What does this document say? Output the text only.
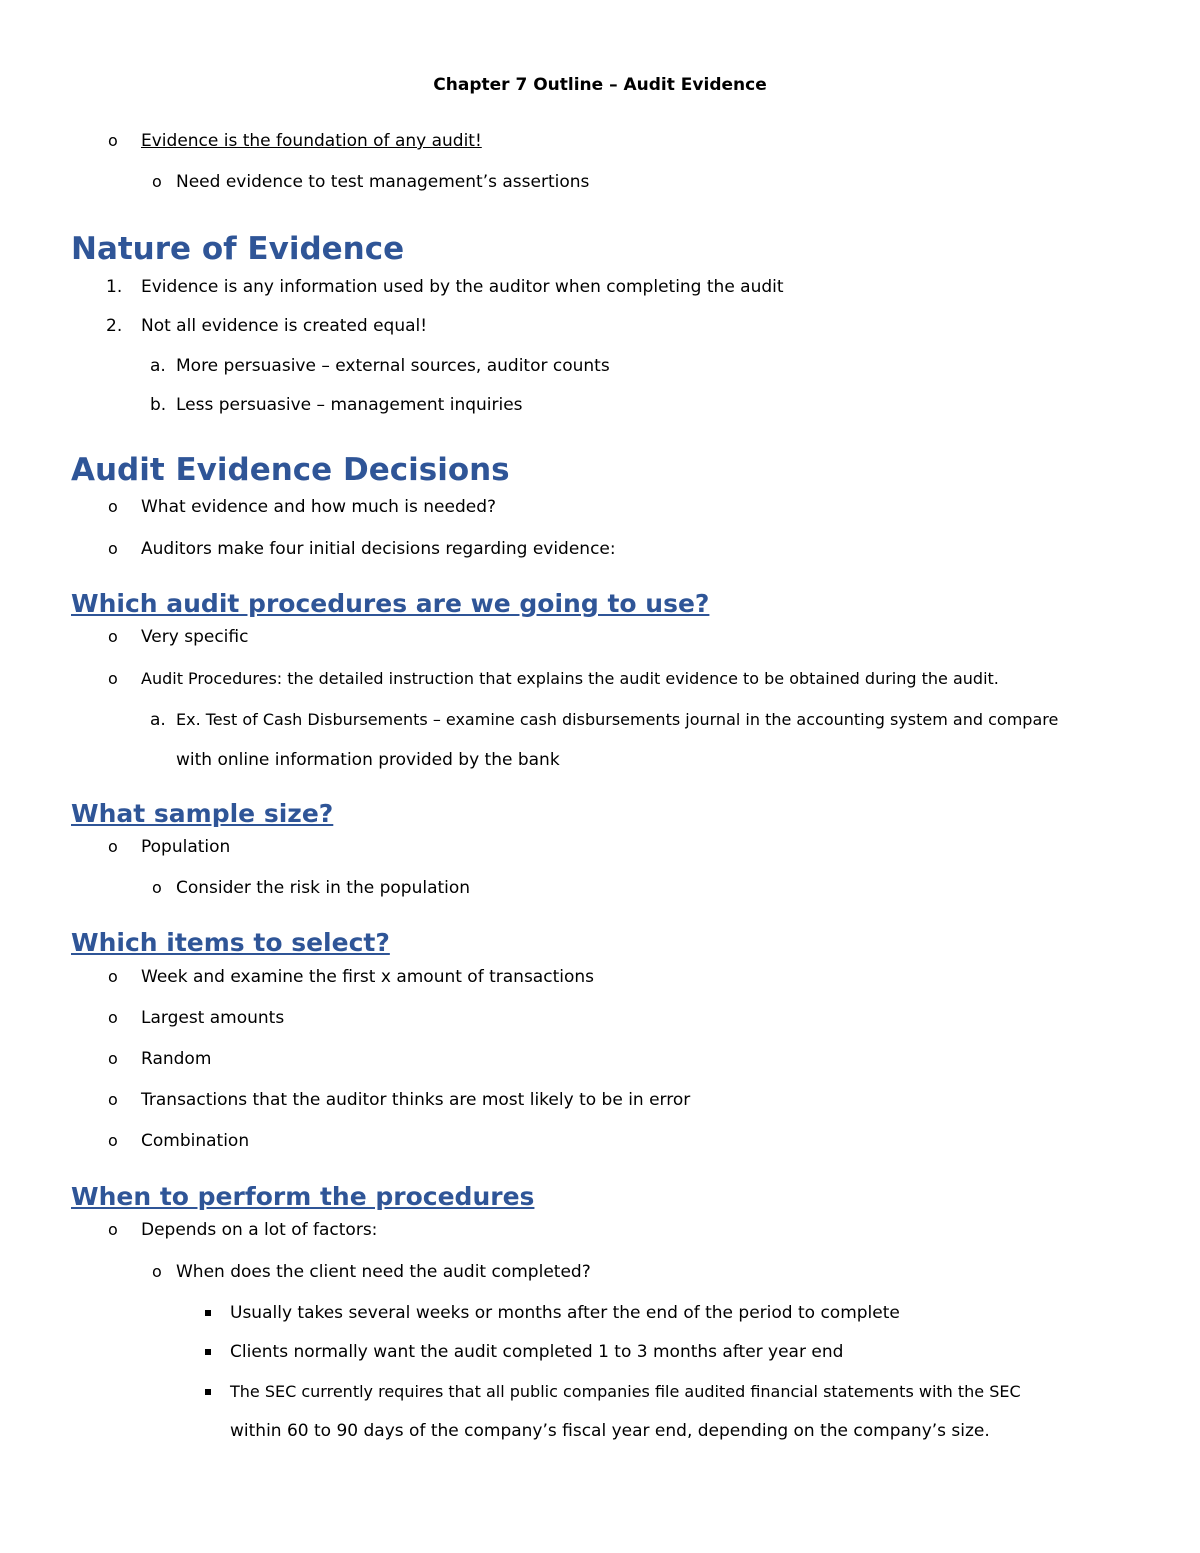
Chapter 7 Outline – Audit Evidence
o Evidence is the foundation of any audit!
o Need evidence to test management’s assertions
Nature of Evidence
1. Evidence is any information used by the auditor when completing the audit
2. Not all evidence is created equal!
a. More persuasive – external sources, auditor counts
b. Less persuasive – management inquiries
Audit Evidence Decisions
o What evidence and how much is needed?
o Auditors make four initial decisions regarding evidence:
Which audit procedures are we going to use?
o Very specific
o Audit Procedures: the detailed instruction that explains the audit evidence to be obtained during the audit.
a. Ex. Test of Cash Disbursements – examine cash disbursements journal in the accounting system and compare
with online information provided by the bank
What sample size?
o Population
o Consider the risk in the population
Which items to select?
o Week and examine the first x amount of transactions
o Largest amounts
o Random
o Transactions that the auditor thinks are most likely to be in error
o Combination
When to perform the procedures
o Depends on a lot of factors:
o When does the client need the audit completed?
Usually takes several weeks or months after the end of the period to complete
Clients normally want the audit completed 1 to 3 months after year end
The SEC currently requires that all public companies file audited financial statements with the SEC
within 60 to 90 days of the company’s fiscal year end, depending on the company’s size.
